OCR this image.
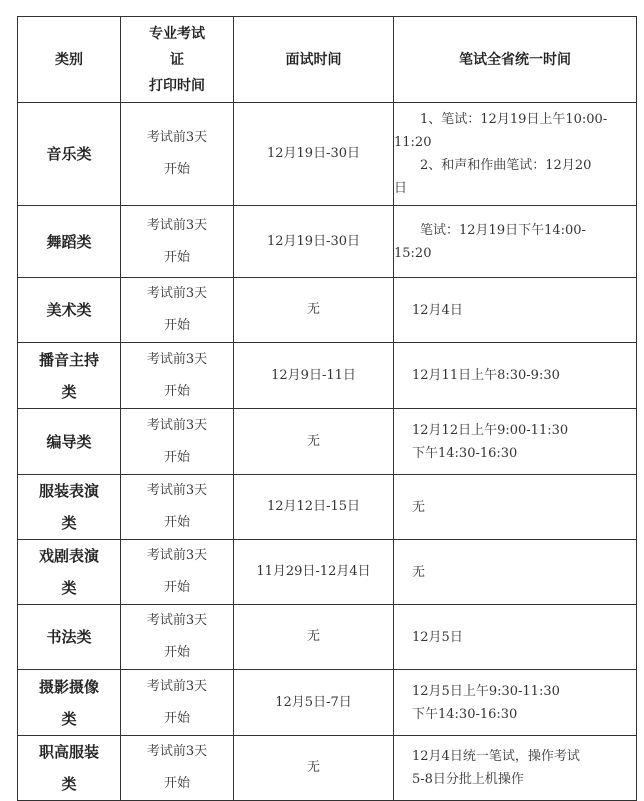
类别	专业考试
证
打印时间	面试时间	笔试全省统一时间

音乐类	考试前3天
开始	12月19日-30日	1、笔试：12月19日上午10:00-
11:20
2、和声和作曲笔试：12月20
日

舞蹈类	考试前3天
开始	12月19日-30日	笔试：12月19日下午14:00-
15:20

美术类	考试前3天
开始	无	12月4日

播音主持
类	考试前3天
开始	12月9日-11日	12月11日上午8:30-9:30

编导类	考试前3天
开始	无	12月12日上午9:00-11:30
下午14:30-16:30

服装表演
类	考试前3天
开始	12月12日-15日	无

戏剧表演
类	考试前3天
开始	11月29日-12月4日	无

书法类	考试前3天
开始	无	12月5日

摄影摄像
类	考试前3天
开始	12月5日-7日	12月5日上午9:30-11:30
下午14:30-16:30

职高服装
类	考试前3天
开始	无	12月4日统一笔试，操作考试
5-8日分批上机操作
